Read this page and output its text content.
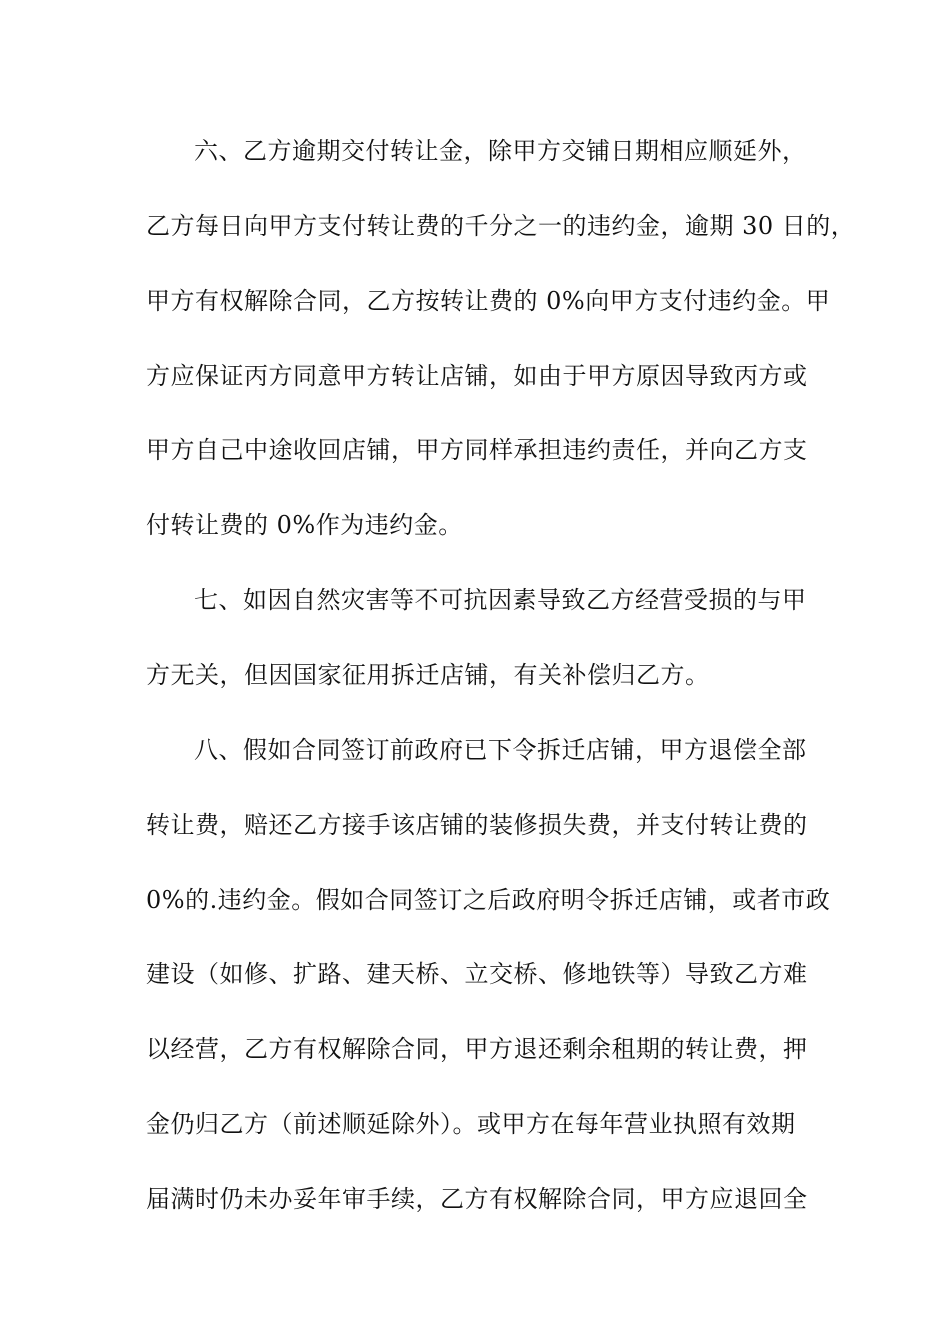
六、乙方逾期交付转让金，除甲方交铺日期相应顺延外，
乙方每日向甲方支付转让费的千分之一的违约金，逾期 30 日的，
甲方有权解除合同，乙方按转让费的 0%向甲方支付违约金。甲
方应保证丙方同意甲方转让店铺，如由于甲方原因导致丙方或
甲方自己中途收回店铺，甲方同样承担违约责任，并向乙方支
付转让费的 0%作为违约金。
七、如因自然灾害等不可抗因素导致乙方经营受损的与甲
方无关，但因国家征用拆迁店铺，有关补偿归乙方。
八、假如合同签订前政府已下令拆迁店铺，甲方退偿全部
转让费，赔还乙方接手该店铺的装修损失费，并支付转让费的
0%的.违约金。假如合同签订之后政府明令拆迁店铺，或者市政
建设（如修、扩路、建天桥、立交桥、修地铁等）导致乙方难
以经营，乙方有权解除合同，甲方退还剩余租期的转让费，押
金仍归乙方（前述顺延除外）。或甲方在每年营业执照有效期
届满时仍未办妥年审手续，乙方有权解除合同，甲方应退回全
